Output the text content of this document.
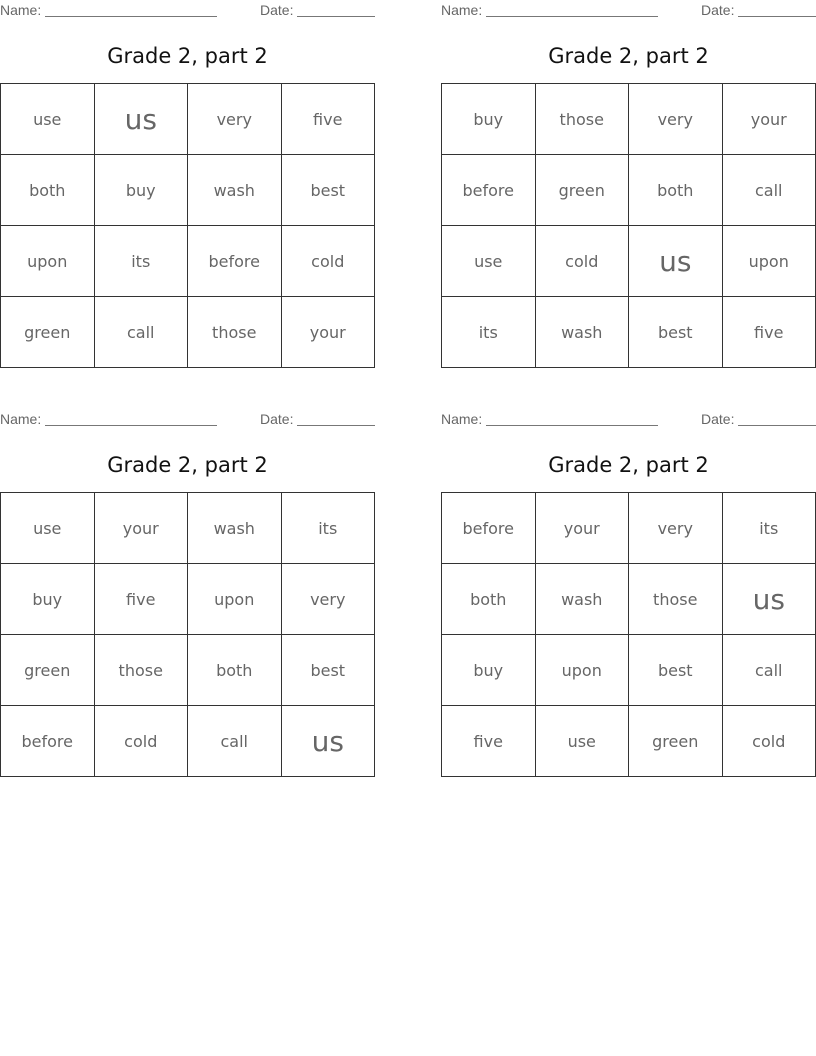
Name:	Date:
Grade 2, part 2
use	us	very	five
both	buy	wash	best
upon	its	before	cold
green	call	those	your
Name:	Date:
Grade 2, part 2
buy	those	very	your
before	green	both	call
use	cold	us	upon
its	wash	best	five
Name:	Date:
Grade 2, part 2
use	your	wash	its
buy	five	upon	very
green	those	both	best
before	cold	call	us
Name:	Date:
Grade 2, part 2
before	your	very	its
both	wash	those	us
buy	upon	best	call
five	use	green	cold
